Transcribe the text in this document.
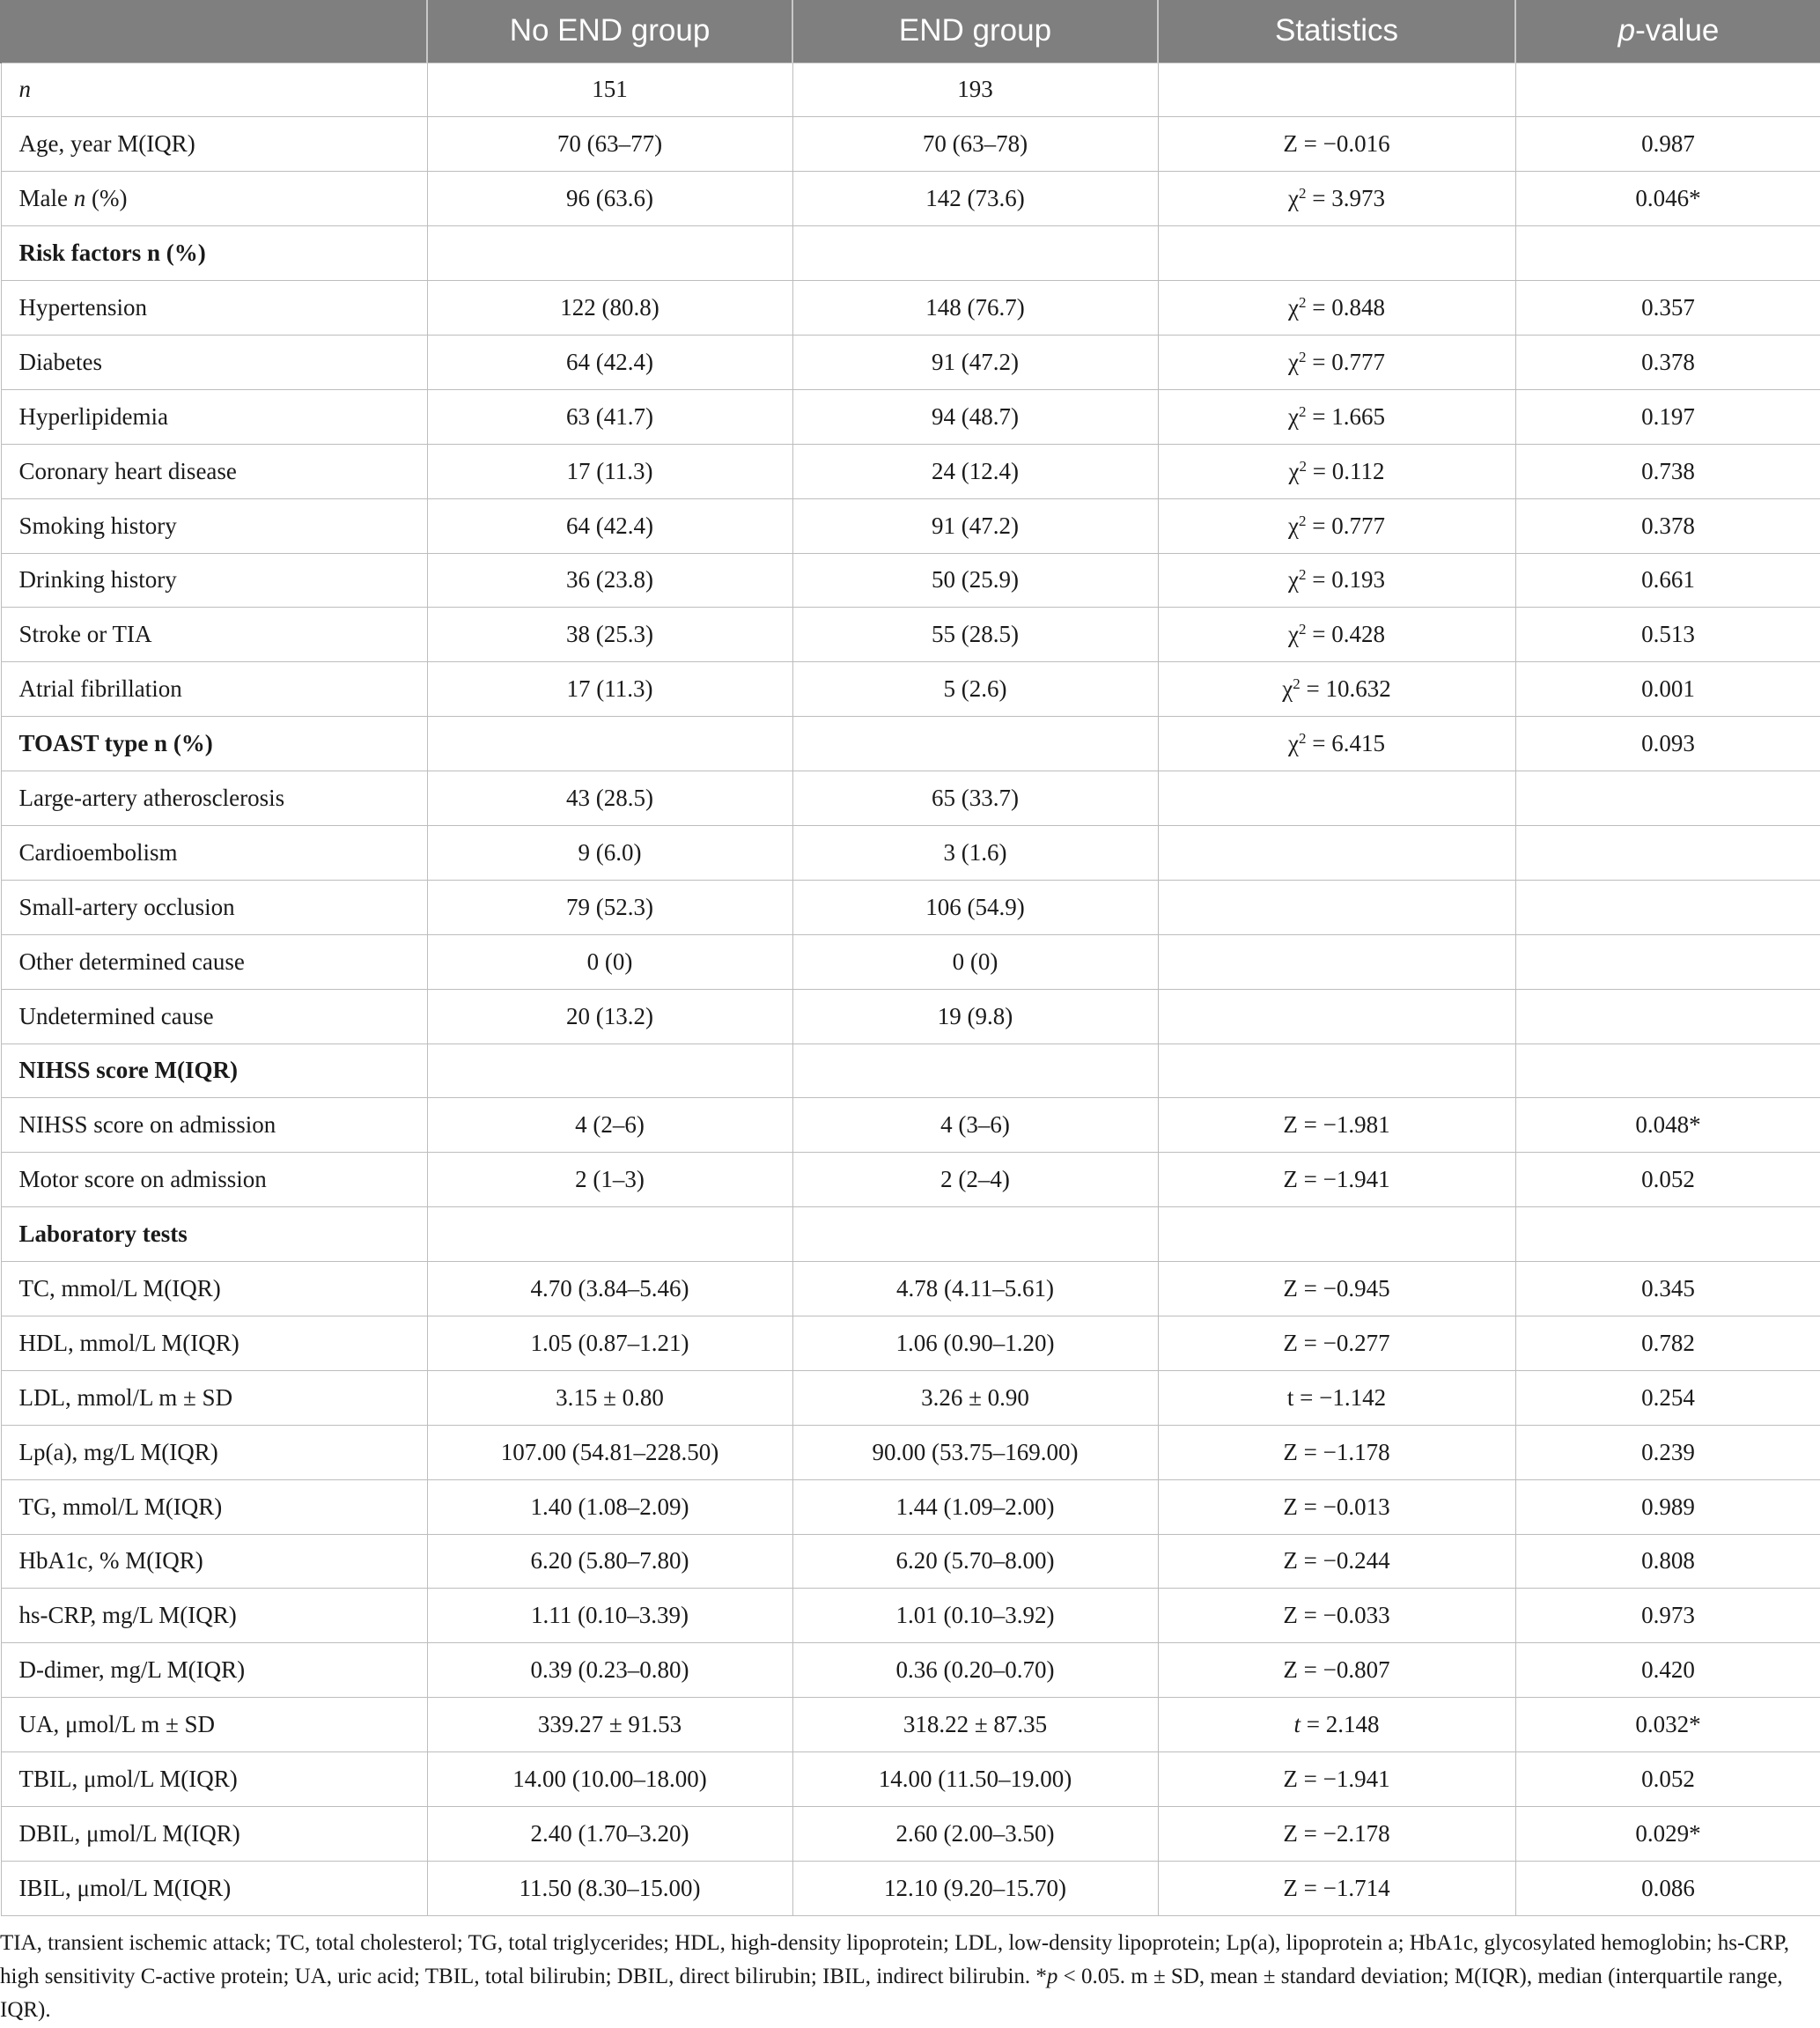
	No END group	END group	Statistics	p-value
n	151	193		
Age, year M(IQR)	70 (63–77)	70 (63–78)	Z = −0.016	0.987
Male n (%)	96 (63.6)	142 (73.6)	$\chi^2 = 3.973$	0.046*
Risk factors n (%)				
Hypertension	122 (80.8)	148 (76.7)	$\chi^2 = 0.848$	0.357
Diabetes	64 (42.4)	91 (47.2)	$\chi^2 = 0.777$	0.378
Hyperlipidemia	63 (41.7)	94 (48.7)	$\chi^2 = 1.665$	0.197
Coronary heart disease	17 (11.3)	24 (12.4)	$\chi^2 = 0.112$	0.738
Smoking history	64 (42.4)	91 (47.2)	$\chi^2 = 0.777$	0.378
Drinking history	36 (23.8)	50 (25.9)	$\chi^2 = 0.193$	0.661
Stroke or TIA	38 (25.3)	55 (28.5)	$\chi^2 = 0.428$	0.513
Atrial fibrillation	17 (11.3)	5 (2.6)	$\chi^2 = 10.632$	0.001
TOAST type n (%)			$\chi^2 = 6.415$	0.093
Large-artery atherosclerosis	43 (28.5)	65 (33.7)		
Cardioembolism	9 (6.0)	3 (1.6)		
Small-artery occlusion	79 (52.3)	106 (54.9)		
Other determined cause	0 (0)	0 (0)		
Undetermined cause	20 (13.2)	19 (9.8)		
NIHSS score M(IQR)				
NIHSS score on admission	4 (2–6)	4 (3–6)	Z = −1.981	0.048*
Motor score on admission	2 (1–3)	2 (2–4)	Z = −1.941	0.052
Laboratory tests				
TC, mmol/L M(IQR)	4.70 (3.84–5.46)	4.78 (4.11–5.61)	Z = −0.945	0.345
HDL, mmol/L M(IQR)	1.05 (0.87–1.21)	1.06 (0.90–1.20)	Z = −0.277	0.782
LDL, mmol/L m ± SD	3.15 ± 0.80	3.26 ± 0.90	t = −1.142	0.254
Lp(a), mg/L M(IQR)	107.00 (54.81–228.50)	90.00 (53.75–169.00)	Z = −1.178	0.239
TG, mmol/L M(IQR)	1.40 (1.08–2.09)	1.44 (1.09–2.00)	Z = −0.013	0.989
HbA1c, % M(IQR)	6.20 (5.80–7.80)	6.20 (5.70–8.00)	Z = −0.244	0.808
hs-CRP, mg/L M(IQR)	1.11 (0.10–3.39)	1.01 (0.10–3.92)	Z = −0.033	0.973
D-dimer, mg/L M(IQR)	0.39 (0.23–0.80)	0.36 (0.20–0.70)	Z = −0.807	0.420
UA, μmol/L m ± SD	339.27 ± 91.53	318.22 ± 87.35	t = 2.148	0.032*
TBIL, μmol/L M(IQR)	14.00 (10.00–18.00)	14.00 (11.50–19.00)	Z = −1.941	0.052
DBIL, μmol/L M(IQR)	2.40 (1.70–3.20)	2.60 (2.00–3.50)	Z = −2.178	0.029*
IBIL, μmol/L M(IQR)	11.50 (8.30–15.00)	12.10 (9.20–15.70)	Z = −1.714	0.086

TIA, transient ischemic attack; TC, total cholesterol; TG, total triglycerides; HDL, high-density lipoprotein; LDL, low-density lipoprotein; Lp(a), lipoprotein a; HbA1c, glycosylated hemoglobin; hs-CRP, high sensitivity C-active protein; UA, uric acid; TBIL, total bilirubin; DBIL, direct bilirubin; IBIL, indirect bilirubin. *p < 0.05. m ± SD, mean ± standard deviation; M(IQR), median (interquartile range, IQR).
